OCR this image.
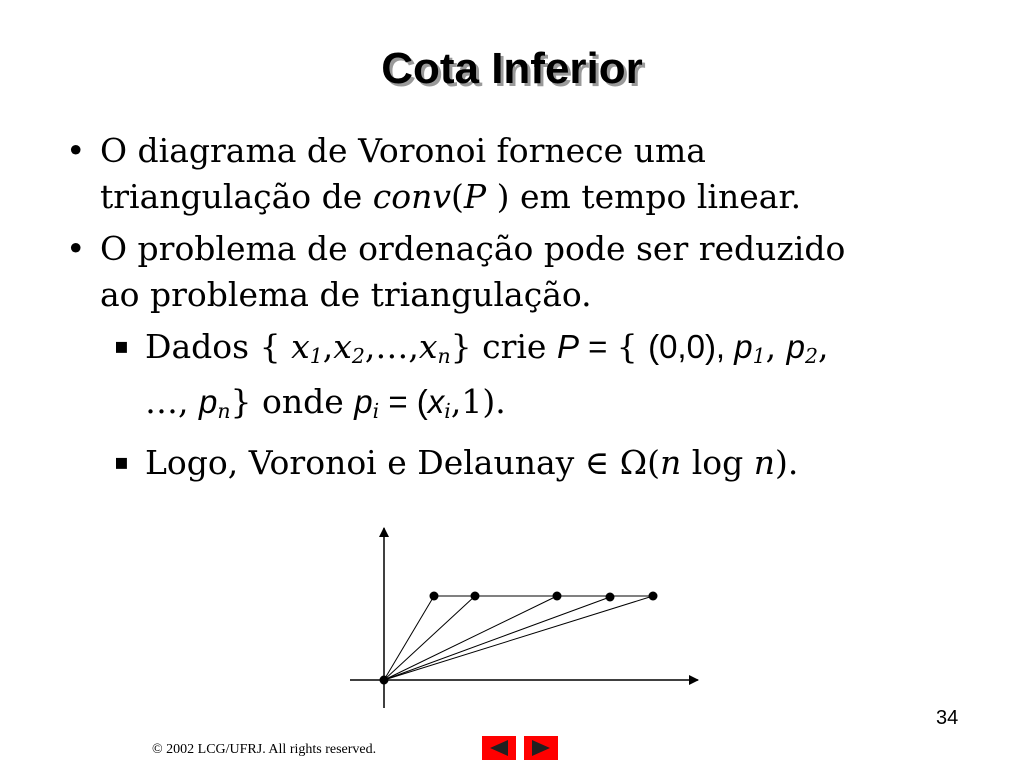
Cota Inferior
• O diagrama de Voronoi fornece uma
triangulação de conv(P ) em tempo linear.
• O problema de ordenação pode ser reduzido
ao problema de triangulação.
▪ Dados { $x_1,x_2,\dots,x_n$} crie P = { (0,0), $p_1$, $p_2$,
…, $p_n$} onde $p_i = (x_i,1)$.
▪ Logo, Voronoi e Delaunay ∈ Ω(n log n).
34
© 2002 LCG/UFRJ. All rights reserved.
